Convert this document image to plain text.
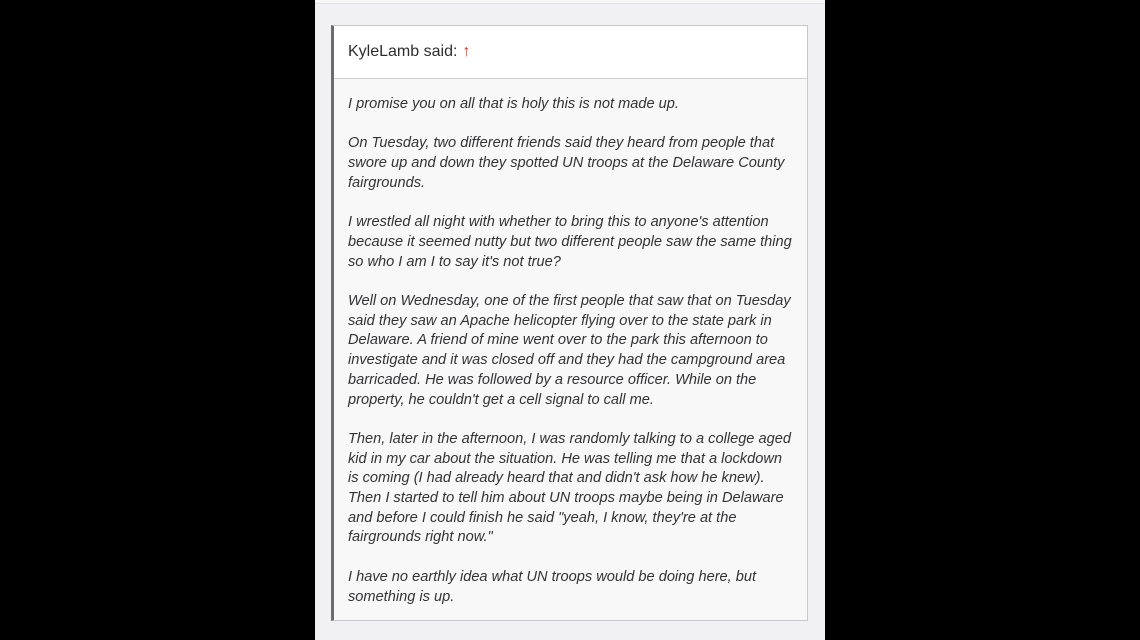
KyleLamb
said: ↑

I promise you on all that is holy this is not made up.

On Tuesday, two different friends said they heard from people that swore up and down they spotted UN troops at the Delaware County fairgrounds.

I wrestled all night with whether to bring this to anyone's attention because it seemed nutty but two different people saw the same thing so who I am I to say it's not true?

Well on Wednesday, one of the first people that saw that on Tuesday said they saw an Apache helicopter flying over to the state park in Delaware. A friend of mine went over to the park this afternoon to investigate and it was closed off and they had the campground area barricaded. He was followed by a resource officer. While on the property, he couldn't get a cell signal to call me.

Then, later in the afternoon, I was randomly talking to a college aged kid in my car about the situation. He was telling me that a lockdown is coming (I had already heard that and didn't ask how he knew). Then I started to tell him about UN troops maybe being in Delaware and before I could finish he said "yeah, I know, they're at the fairgrounds right now."

I have no earthly idea what UN troops would be doing here, but something is up.
